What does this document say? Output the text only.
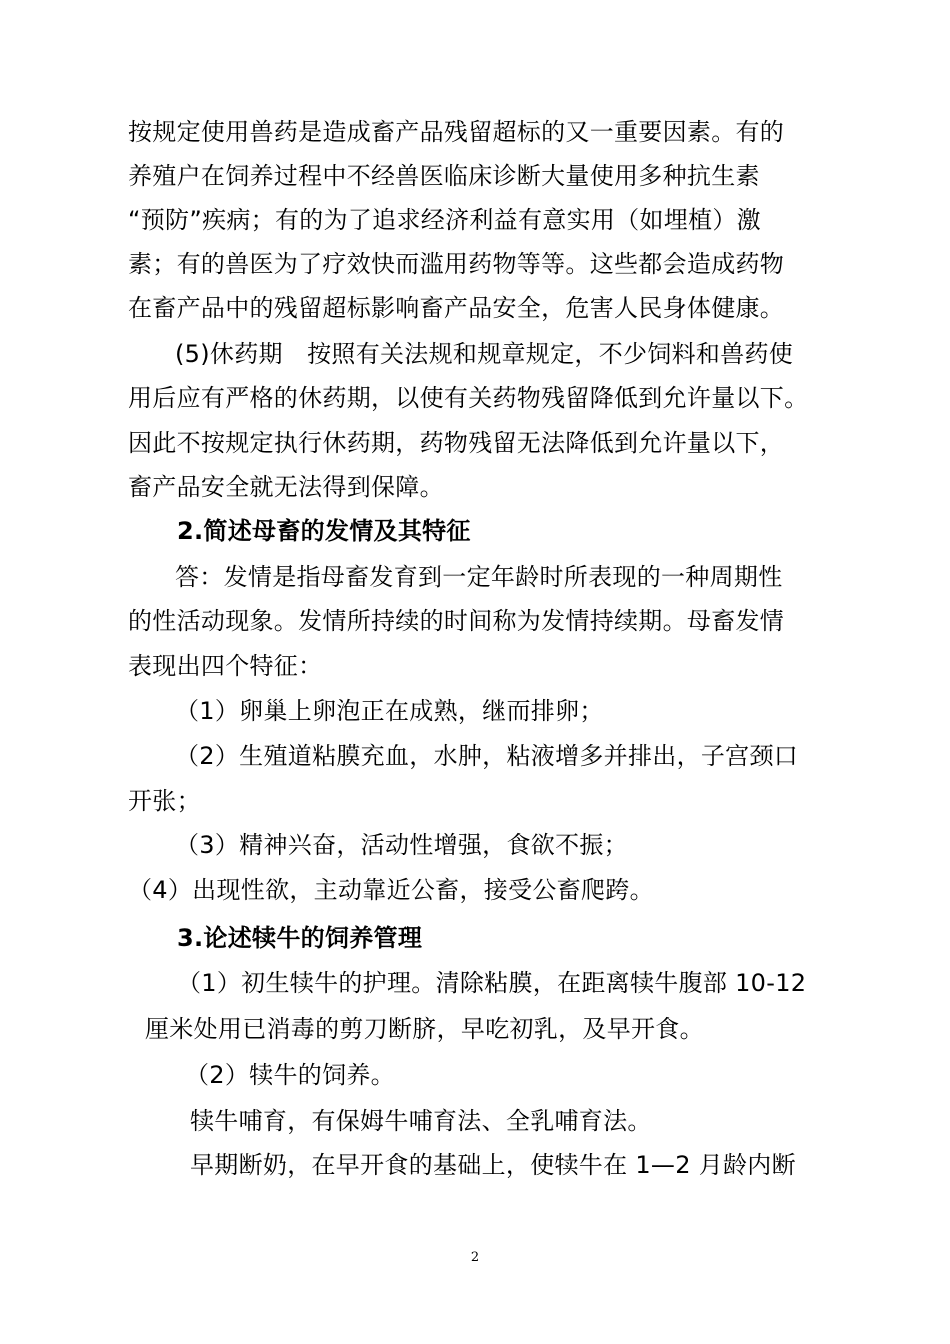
按规定使用兽药是造成畜产品残留超标的又一重要因素。有的
养殖户在饲养过程中不经兽医临床诊断大量使用多种抗生素
“预防”疾病；有的为了追求经济利益有意实用（如埋植）激
素；有的兽医为了疗效快而滥用药物等等。这些都会造成药物
在畜产品中的残留超标影响畜产品安全，危害人民身体健康。
(5)休药期　按照有关法规和规章规定，不少饲料和兽药使
用后应有严格的休药期，以使有关药物残留降低到允许量以下。
因此不按规定执行休药期，药物残留无法降低到允许量以下，
畜产品安全就无法得到保障。
2.简述母畜的发情及其特征
答：发情是指母畜发育到一定年龄时所表现的一种周期性
的性活动现象。发情所持续的时间称为发情持续期。母畜发情
表现出四个特征：
（1）卵巢上卵泡正在成熟，继而排卵；
（2）生殖道粘膜充血，水肿，粘液增多并排出，子宫颈口
开张；
（3）精神兴奋，活动性增强，食欲不振；
（4）出现性欲，主动靠近公畜，接受公畜爬跨。
3.论述犊牛的饲养管理
（1）初生犊牛的护理。清除粘膜，在距离犊牛腹部 10-12
厘米处用已消毒的剪刀断脐，早吃初乳，及早开食。
（2）犊牛的饲养。
犊牛哺育，有保姆牛哺育法、全乳哺育法。
早期断奶，在早开食的基础上，使犊牛在 1—2 月龄内断
2
